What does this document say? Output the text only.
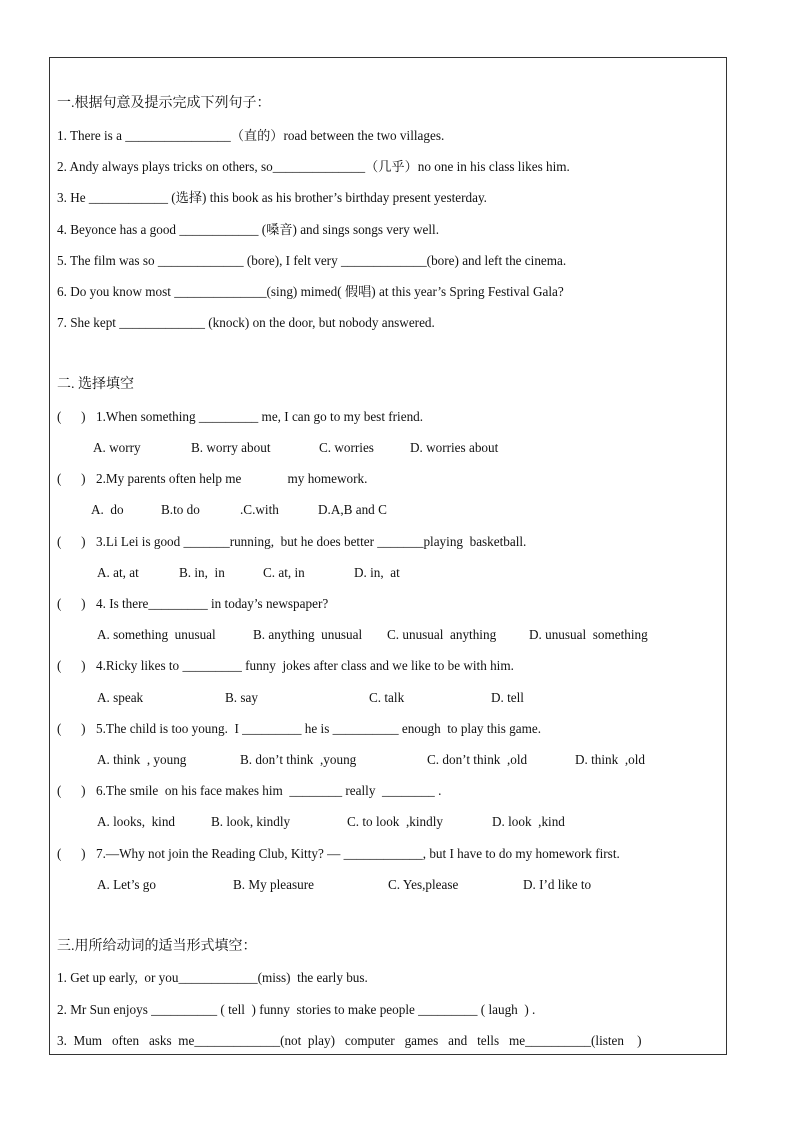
一.根据句意及提示完成下列句子：
1. There is a ________________（直的）road between the two villages.
2. Andy always plays tricks on others, so______________（几乎）no one in his class likes him.
3. He ____________ (选择) this book as his brother’s birthday present yesterday.
4. Beyonce has a good ____________ (嗓音) and sings songs very well.
5. The film was so _____________ (bore), I felt very _____________(bore) and left the cinema.
6. Do you know most ______________(sing) mimed( 假唱) at this year’s Spring Festival Gala?
7. She kept _____________ (knock) on the door, but nobody answered.
二. 选择填空
(      ) 1.When something _________ me, I can go to my best friend.
A. worry	B. worry about	C. worries	D. worries about
(      ) 2.My parents often help me              my homework.
A.  do	B.to do	.C.with	D.A,B and C
(      ) 3.Li Lei is good _______running,  but he does better _______playing  basketball.
A. at, at	B. in,  in	C. at, in	D. in,  at
(      ) 4. Is there_________ in today’s newspaper?
A. something  unusual	B. anything  unusual C. unusual  anything D. unusual  something
(      ) 4.Ricky likes to _________ funny  jokes after class and we like to be with him.
A. speak	B. say	C. talk	D. tell
(      ) 5.The child is too young.  I _________ he is __________ enough  to play this game.
A. think  , young	B. don’t think  ,young	C. don’t think  ,old	D. think  ,old
(      ) 6.The smile  on his face makes him  ________ really  ________ .
A. looks,  kind	B. look, kindly	C. to look  ,kindly	D. look  ,kind
(      ) 7.—Why not join the Reading Club, Kitty? — ____________, but I have to do my homework first.
A. Let’s go	B. My pleasure	C. Yes,please	D. I’d like to
三.用所给动词的适当形式填空：
1. Get up early,  or you____________(miss)  the early bus.
2. Mr Sun enjoys __________ ( tell  ) funny  stories to make people _________ ( laugh  ) .
3.  Mum   often   asks  me_____________(not  play)   computer   games   and   tells   me__________(listen    )
